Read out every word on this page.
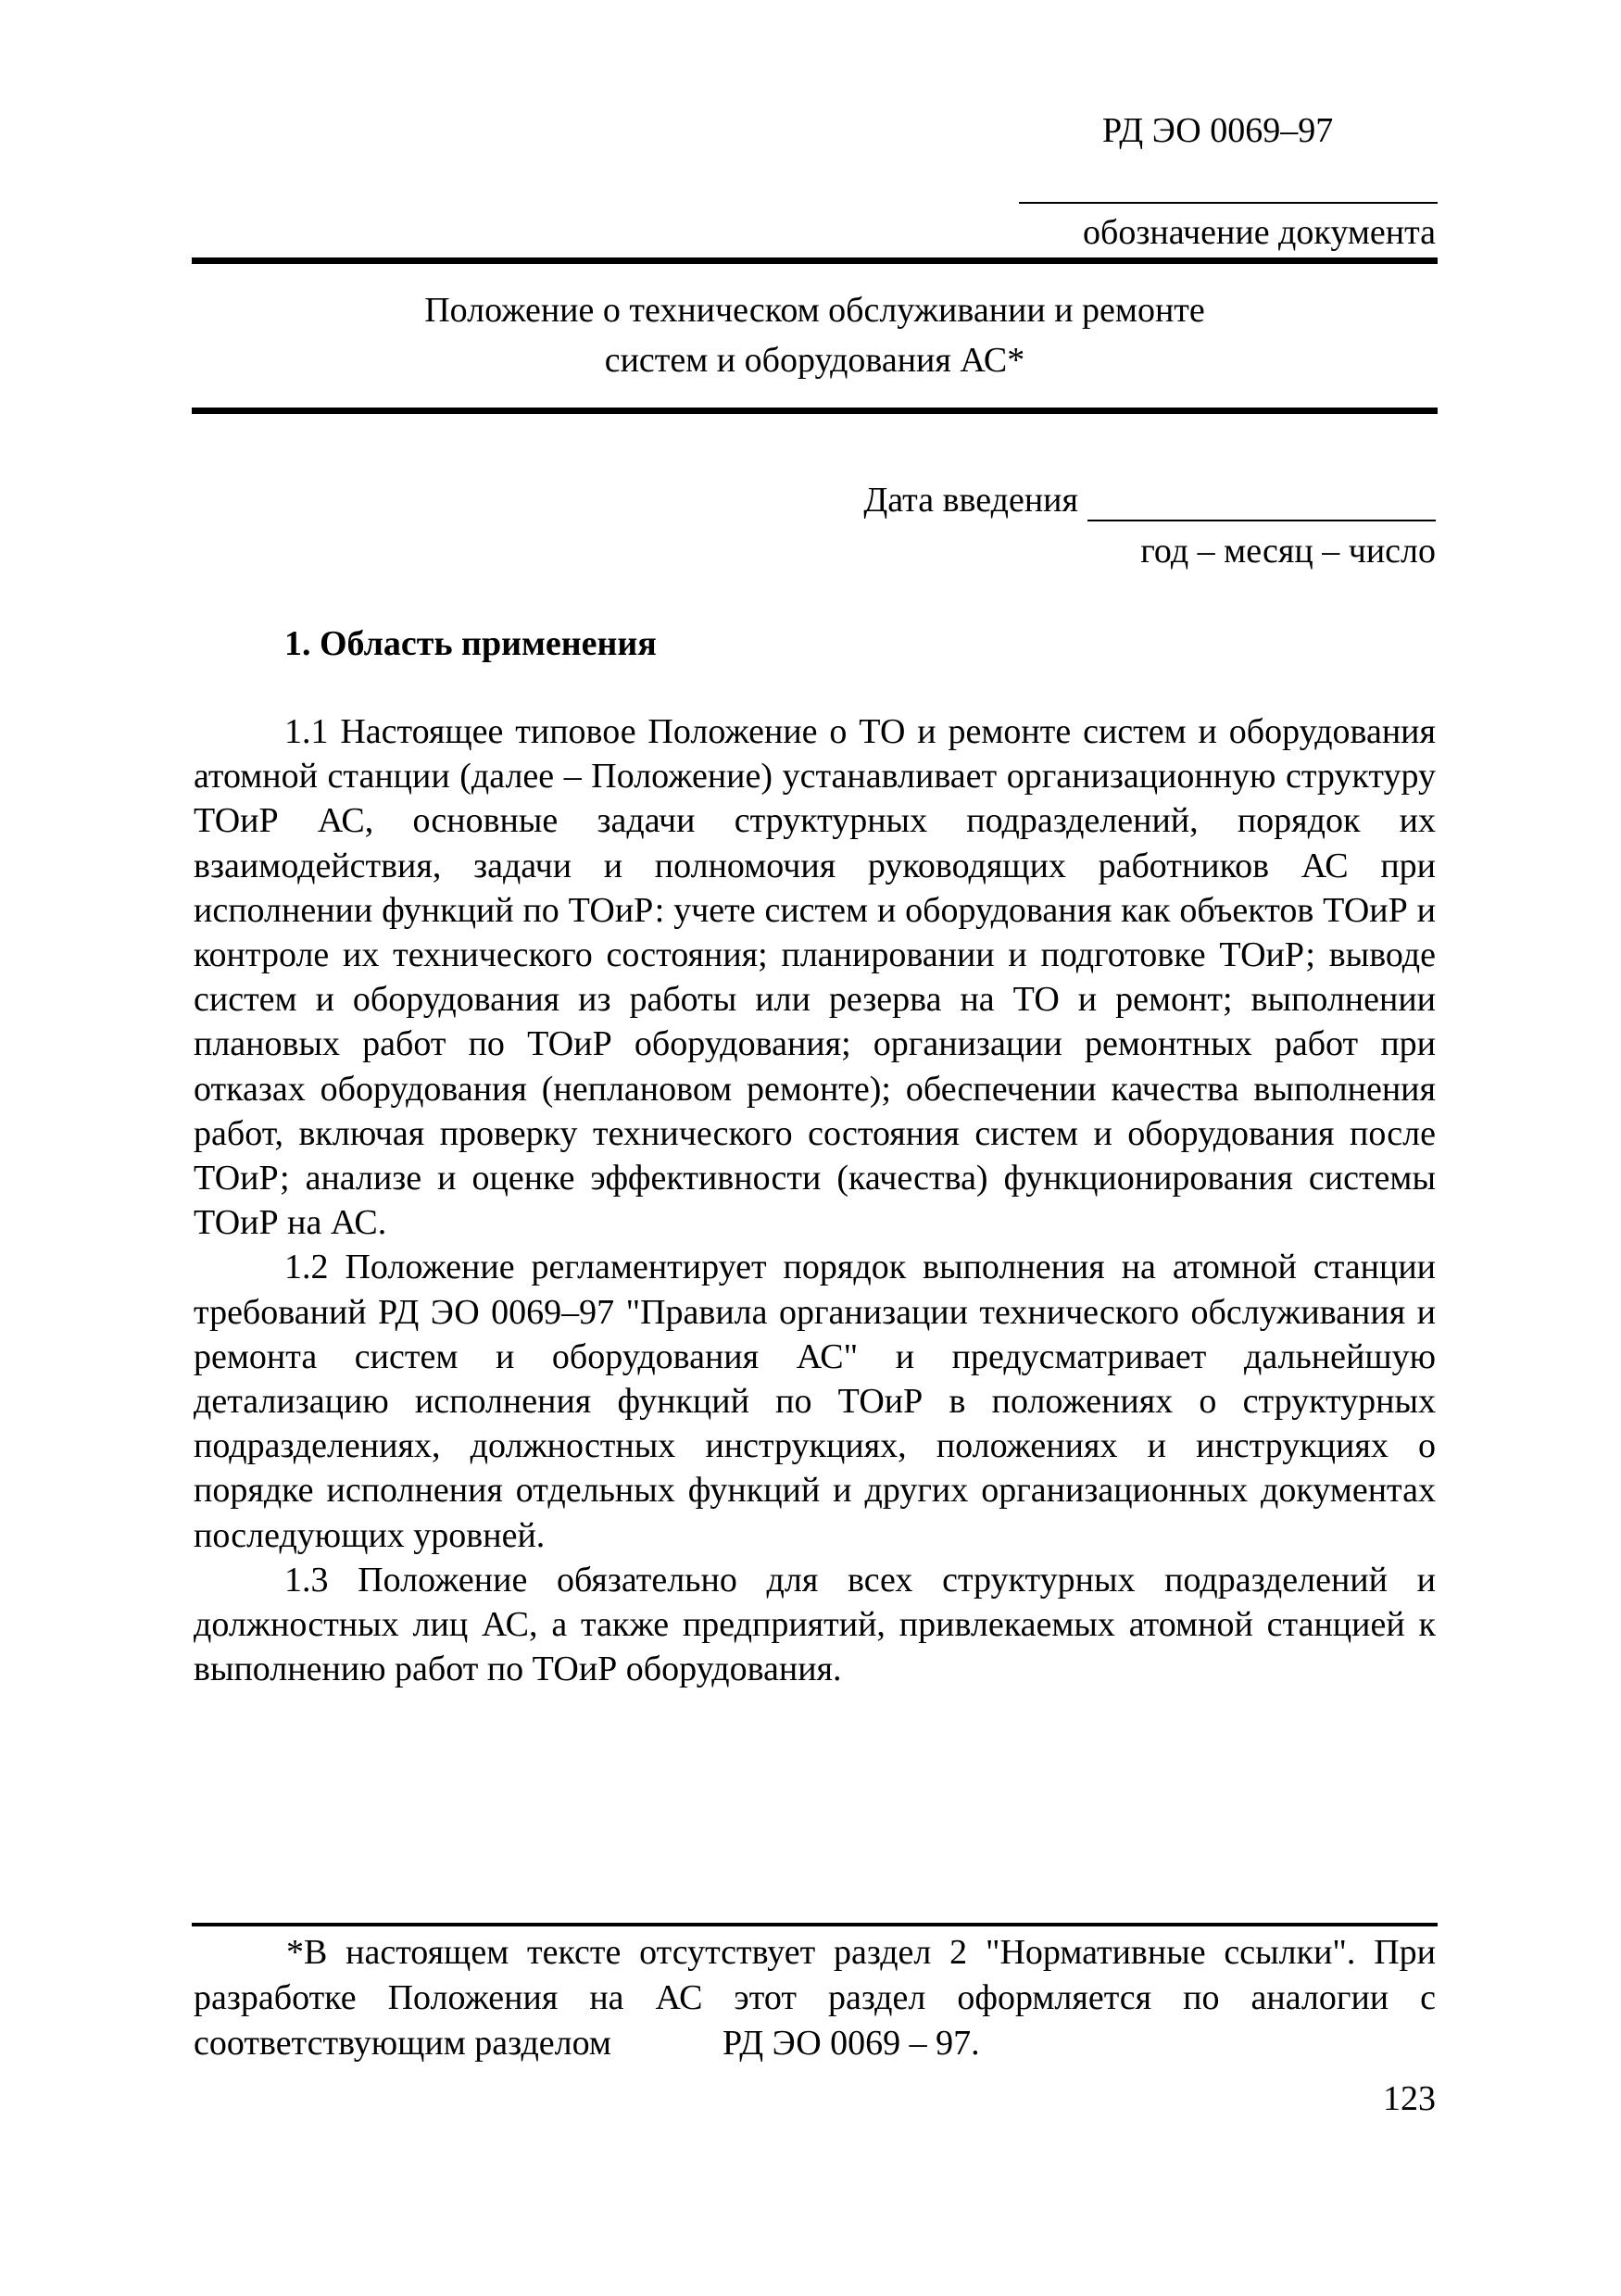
РД ЭО 0069–97
обозначение документа
Положение о техническом обслуживании и ремонте
систем и оборудования АС*
Дата введения
год – месяц – число
1. Область применения

1.1 Настоящее типовое Положение о ТО и ремонте систем и оборудования атомной станции (далее – Положение) устанавливает организационную структуру ТОиР АС, основные задачи структурных подразделений, порядок их взаимодействия, задачи и полномочия руководящих работников АС при исполнении функций по ТОиР: учете систем и оборудования как объектов ТОиР и контроле их технического состояния; планировании и подготовке ТОиР; выводе систем и оборудования из работы или резерва на ТО и ремонт; выполнении плановых работ по ТОиР оборудования; организации ремонтных работ при отказах оборудования (неплановом ремонте); обеспечении качества выполнения работ, включая проверку технического состояния систем и оборудования после ТОиР; анализе и оценке эффективности (качества) функционирования системы ТОиР на АС.

1.2 Положение регламентирует порядок выполнения на атомной станции требований РД ЭО 0069–97 "Правила организации технического обслуживания и ремонта систем и оборудования АС" и предусматривает дальнейшую детализацию исполнения функций по ТОиР в положениях о структурных подразделениях, должностных инструкциях, положениях и инструкциях о порядке исполнения отдельных функций и других организационных документах последующих уровней.

1.3 Положение обязательно для всех структурных подразделений и должностных лиц АС, а также предприятий, привлекаемых атомной станцией к выполнению работ по ТОиР оборудования.

*В настоящем тексте отсутствует раздел 2 "Нормативные ссылки". При разработке Положения на АС этот раздел оформляется по аналогии с соответствующим разделом	РД ЭО 0069 – 97.
123
